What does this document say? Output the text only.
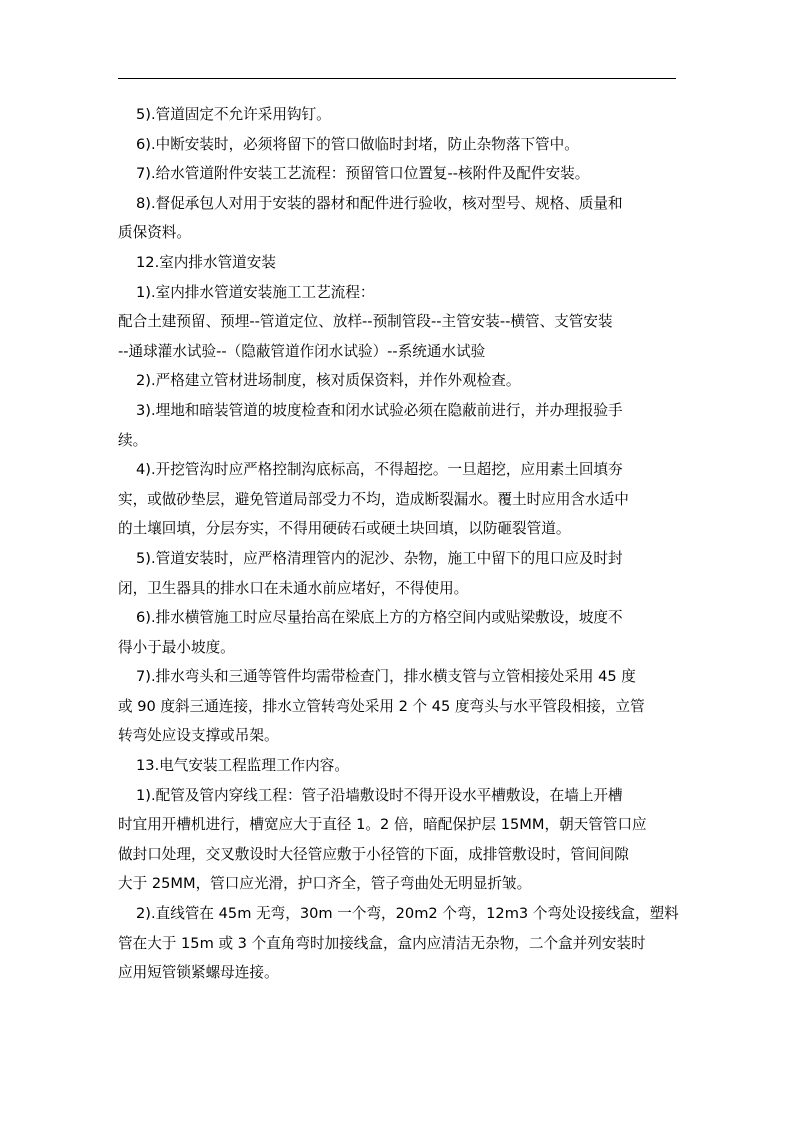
5).管道固定不允许采用钩钉。

6).中断安装时，必须将留下的管口做临时封堵，防止杂物落下管中。

7).给水管道附件安装工艺流程：预留管口位置复--核附件及配件安装。

8).督促承包人对用于安装的器材和配件进行验收，核对型号、规格、质量和
质保资料。

12.室内排水管道安装

1).室内排水管道安装施工工艺流程：

配合土建预留、预埋--管道定位、放样--预制管段--主管安装--横管、支管安装
--通球灌水试验--（隐蔽管道作闭水试验）--系统通水试验

2).严格建立管材进场制度，核对质保资料，并作外观检查。

3).埋地和暗装管道的坡度检查和闭水试验必须在隐蔽前进行，并办理报验手
续。

4).开挖管沟时应严格控制沟底标高，不得超挖。一旦超挖，应用素土回填夯
实，或做砂垫层，避免管道局部受力不均，造成断裂漏水。覆土时应用含水适中
的土壤回填，分层夯实，不得用硬砖石或硬土块回填，以防砸裂管道。

5).管道安装时，应严格清理管内的泥沙、杂物，施工中留下的甩口应及时封
闭，卫生器具的排水口在未通水前应堵好，不得使用。

6).排水横管施工时应尽量抬高在梁底上方的方格空间内或贴梁敷设，坡度不
得小于最小坡度。

7).排水弯头和三通等管件均需带检查门，排水横支管与立管相接处采用 45 度
或 90 度斜三通连接，排水立管转弯处采用 2 个 45 度弯头与水平管段相接，立管
转弯处应设支撑或吊架。

13.电气安装工程监理工作内容。

1).配管及管内穿线工程：管子沿墙敷设时不得开设水平槽敷设，在墙上开槽
时宜用开槽机进行，槽宽应大于直径 1。2 倍，暗配保护层 15MM，朝天管管口应
做封口处理，交叉敷设时大径管应敷于小径管的下面，成排管敷设时，管间间隙
大于 25MM，管口应光滑，护口齐全，管子弯曲处无明显折皱。

2).直线管在 45m 无弯，30m 一个弯，20m2 个弯，12m3 个弯处设接线盒，塑料
管在大于 15m 或 3 个直角弯时加接线盒，盒内应清洁无杂物，二个盒并列安装时
应用短管锁紧螺母连接。
